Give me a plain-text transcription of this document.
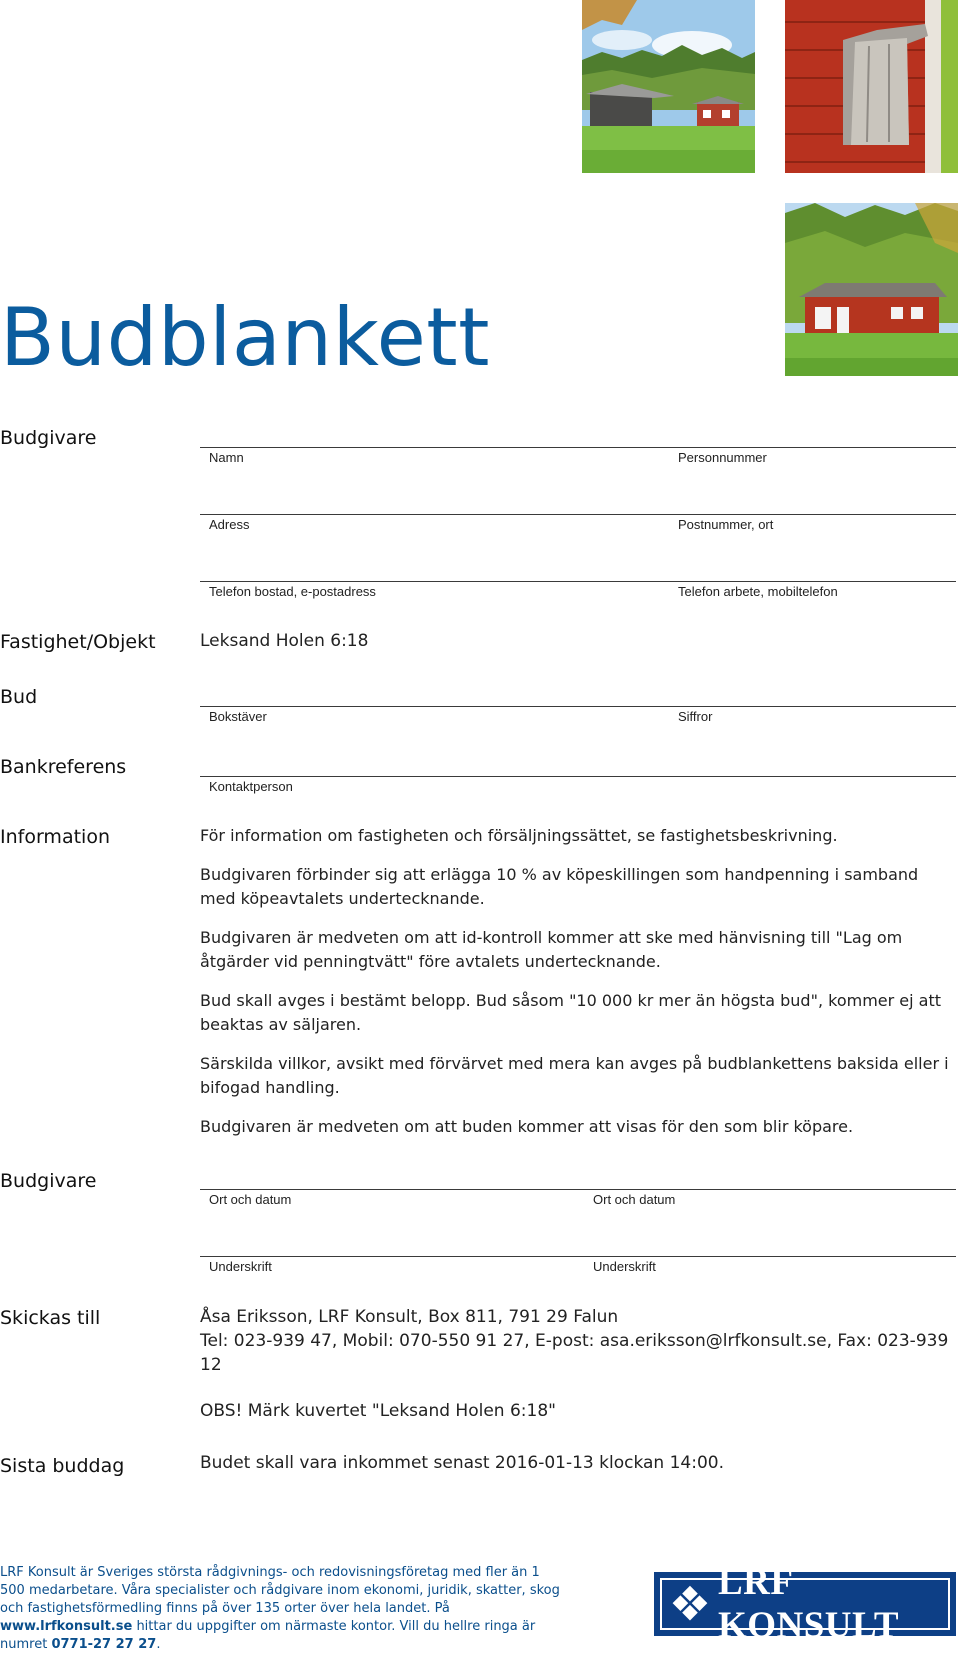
Budblankett
Budgivare
Namn	Personnummer
Adress	Postnummer, ort
Telefon bostad, e-postadress	Telefon arbete, mobiltelefon
Fastighet/Objekt	Leksand Holen 6:18
Bud
Bokstäver	Siffror
Bankreferens
Kontaktperson
Information	För information om fastigheten och försäljningssättet, se fastighetsbeskrivning.

Budgivaren förbinder sig att erlägga 10 % av köpeskillingen som handpenning i samband med köpeavtalets undertecknande.

Budgivaren är medveten om att id-kontroll kommer att ske med hänvisning till "Lag om åtgärder vid penningtvätt" före avtalets undertecknande.

Bud skall avges i bestämt belopp. Bud såsom "10 000 kr mer än högsta bud", kommer ej att beaktas av säljaren.

Särskilda villkor, avsikt med förvärvet med mera kan avges på budblankettens baksida eller i bifogad handling.

Budgivaren är medveten om att buden kommer att visas för den som blir köpare.

Budgivare
Ort och datum	Ort och datum
Underskrift	Underskrift
Skickas till	Åsa Eriksson, LRF Konsult, Box 811, 791 29 Falun
Tel: 023-939 47, Mobil: 070-550 91 27, E-post: asa.eriksson@lrfkonsult.se, Fax: 023-939 12
OBS! Märk kuvertet "Leksand Holen 6:18"
Sista buddag	Budet skall vara inkommet senast 2016-01-13 klockan 14:00.
LRF Konsult är Sveriges största rådgivnings- och redovisningsföretag med fler än 1 500 medarbetare. Våra specialister och rådgivare inom ekonomi, juridik, skatter, skog och fastighetsförmedling finns på över 135 orter över hela landet. På www.lrfkonsult.se hittar du uppgifter om närmaste kontor. Vill du hellre ringa är numret 0771-27 27 27.
LRF KONSULT
